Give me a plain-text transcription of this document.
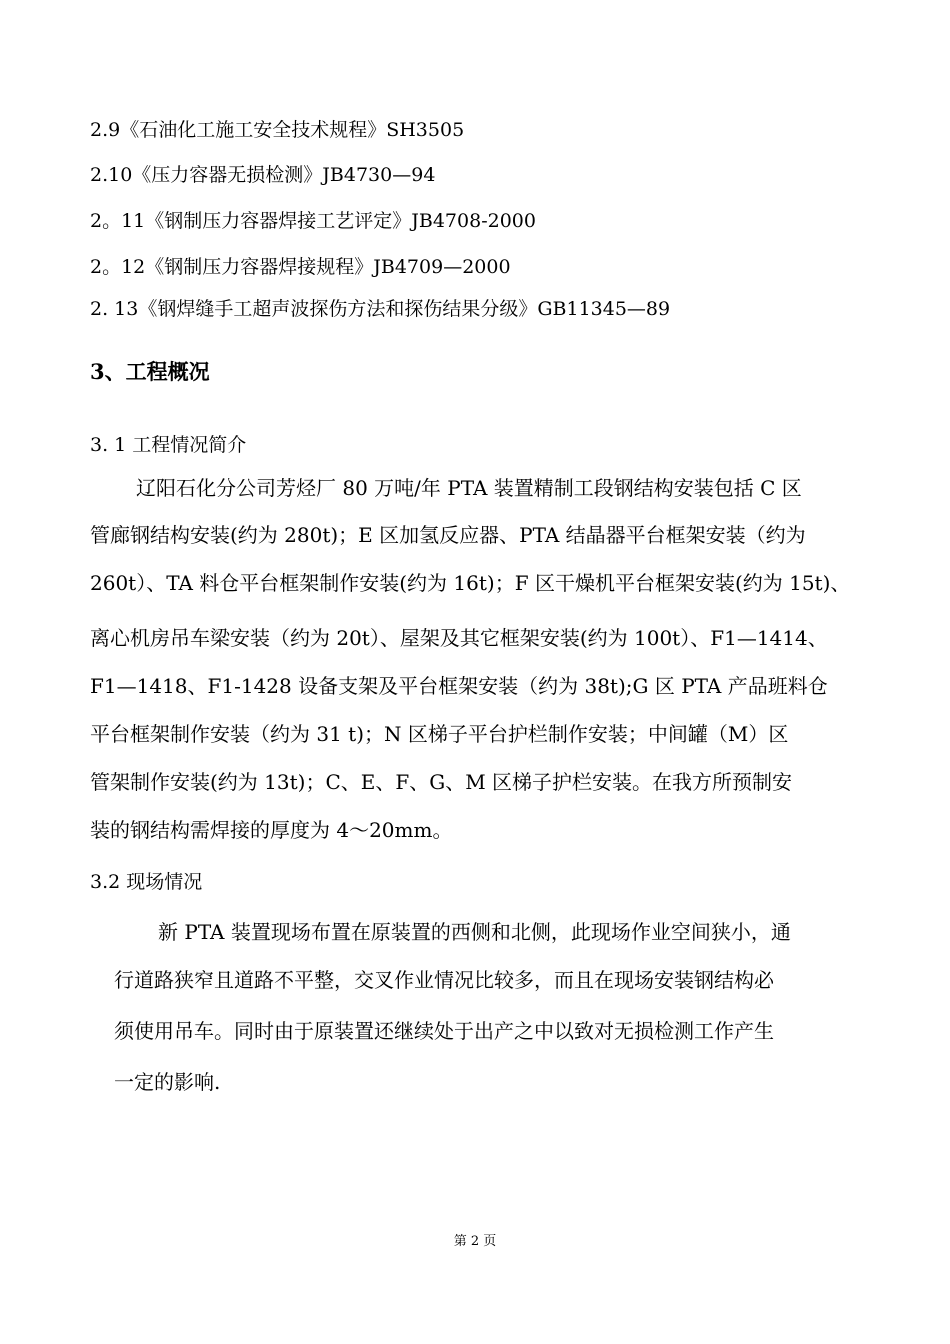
2.9《石油化工施工安全技术规程》SH3505
2.10《压力容器无损检测》JB4730—94
2。11《钢制压力容器焊接工艺评定》JB4708-2000
2。12《钢制压力容器焊接规程》JB4709—2000
2. 13《钢焊缝手工超声波探伤方法和探伤结果分级》GB11345—89
3、工程概况
3. 1 工程情况简介
辽阳石化分公司芳烃厂 80 万吨/年 PTA 装置精制工段钢结构安装包括 C 区
管廊钢结构安装(约为 280t)；E 区加氢反应器、PTA 结晶器平台框架安装（约为
260t）、TA 料仓平台框架制作安装(约为 16t)；F 区干燥机平台框架安装(约为 15t)、
离心机房吊车梁安装（约为 20t）、屋架及其它框架安装(约为 100t）、F1—1414、
F1—1418、F1-1428 设备支架及平台框架安装（约为 38t);G 区 PTA 产品班料仓
平台框架制作安装（约为 31 t)；N 区梯子平台护栏制作安装；中间罐（M）区
管架制作安装(约为 13t)；C、E、F、G、M 区梯子护栏安装。在我方所预制安
装的钢结构需焊接的厚度为 4～20mm。
3.2 现场情况
新 PTA 装置现场布置在原装置的西侧和北侧，此现场作业空间狭小，通
行道路狭窄且道路不平整，交叉作业情况比较多，而且在现场安装钢结构必
须使用吊车。同时由于原装置还继续处于出产之中以致对无损检测工作产生
一定的影响.
第 2 页
